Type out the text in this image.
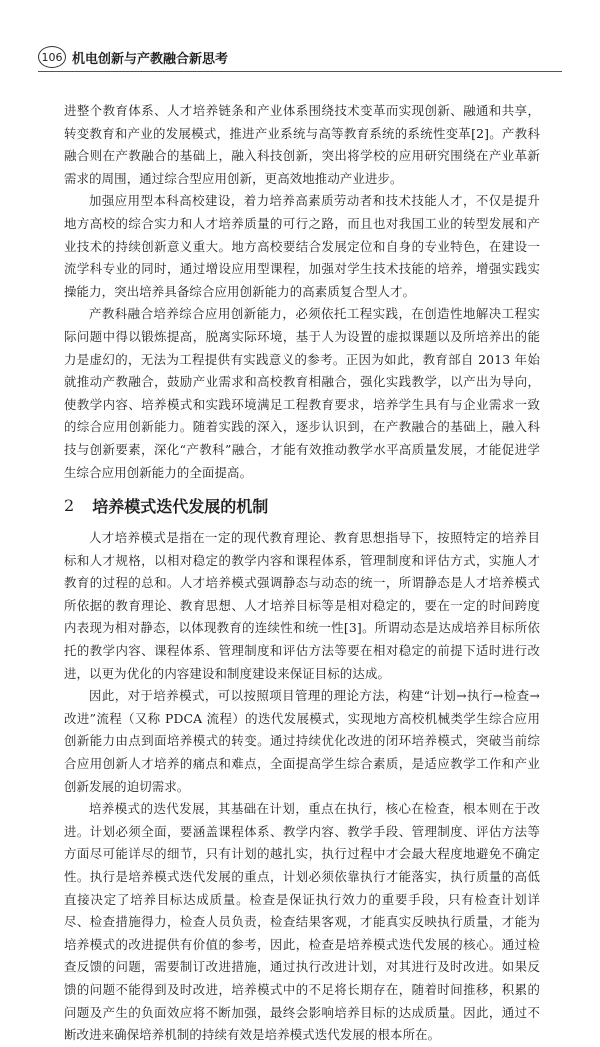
106 机电创新与产教融合新思考

进整个教育体系、人才培养链条和产业体系围绕技术变革而实现创新、融通和共享，转变教育和产业的发展模式，推进产业系统与高等教育系统的系统性变革[2]。产教科融合则在产教融合的基础上，融入科技创新，突出将学校的应用研究围绕在产业革新需求的周围，通过综合型应用创新，更高效地推动产业进步。

加强应用型本科高校建设，着力培养高素质劳动者和技术技能人才，不仅是提升地方高校的综合实力和人才培养质量的可行之路，而且也对我国工业的转型发展和产业技术的持续创新意义重大。地方高校要结合发展定位和自身的专业特色，在建设一流学科专业的同时，通过增设应用型课程，加强对学生技术技能的培养，增强实践实操能力，突出培养具备综合应用创新能力的高素质复合型人才。

产教科融合培养综合应用创新能力，必须依托工程实践，在创造性地解决工程实际问题中得以锻炼提高，脱离实际环境，基于人为设置的虚拟课题以及所培养出的能力是虚幻的，无法为工程提供有实践意义的参考。正因为如此，教育部自 2013 年始就推动产教融合，鼓励产业需求和高校教育相融合，强化实践教学，以产出为导向，使教学内容、培养模式和实践环境满足工程教育要求，培养学生具有与企业需求一致的综合应用创新能力。随着实践的深入，逐步认识到，在产教融合的基础上，融入科技与创新要素，深化“产教科”融合，才能有效推动教学水平高质量发展，才能促进学生综合应用创新能力的全面提高。

2 培养模式迭代发展的机制

人才培养模式是指在一定的现代教育理论、教育思想指导下，按照特定的培养目标和人才规格，以相对稳定的教学内容和课程体系，管理制度和评估方式，实施人才教育的过程的总和。人才培养模式强调静态与动态的统一，所谓静态是人才培养模式所依据的教育理论、教育思想、人才培养目标等是相对稳定的，要在一定的时间跨度内表现为相对静态，以体现教育的连续性和统一性[3]。所谓动态是达成培养目标所依托的教学内容、课程体系、管理制度和评估方法等要在相对稳定的前提下适时进行改进，以更为优化的内容建设和制度建设来保证目标的达成。

因此，对于培养模式，可以按照项目管理的理论方法，构建“计划→执行→检查→改进”流程（又称 PDCA 流程）的迭代发展模式，实现地方高校机械类学生综合应用创新能力由点到面培养模式的转变。通过持续优化改进的闭环培养模式，突破当前综合应用创新人才培养的痛点和难点，全面提高学生综合素质，是适应教学工作和产业创新发展的迫切需求。

培养模式的迭代发展，其基础在计划，重点在执行，核心在检查，根本则在于改进。计划必须全面，要涵盖课程体系、教学内容、教学手段、管理制度、评估方法等方面尽可能详尽的细节，只有计划的越扎实，执行过程中才会最大程度地避免不确定性。执行是培养模式迭代发展的重点，计划必须依靠执行才能落实，执行质量的高低直接决定了培养目标达成质量。检查是保证执行效力的重要手段，只有检查计划详尽、检查措施得力，检查人员负责，检查结果客观，才能真实反映执行质量，才能为培养模式的改进提供有价值的参考，因此，检查是培养模式迭代发展的核心。通过检查反馈的问题，需要制订改进措施，通过执行改进计划，对其进行及时改进。如果反馈的问题不能得到及时改进，培养模式中的不足将长期存在，随着时间推移，积累的问题及产生的负面效应将不断加强，最终会影响培养目标的达成质量。因此，通过不断改进来确保培养机制的持续有效是培养模式迭代发展的根本所在。
